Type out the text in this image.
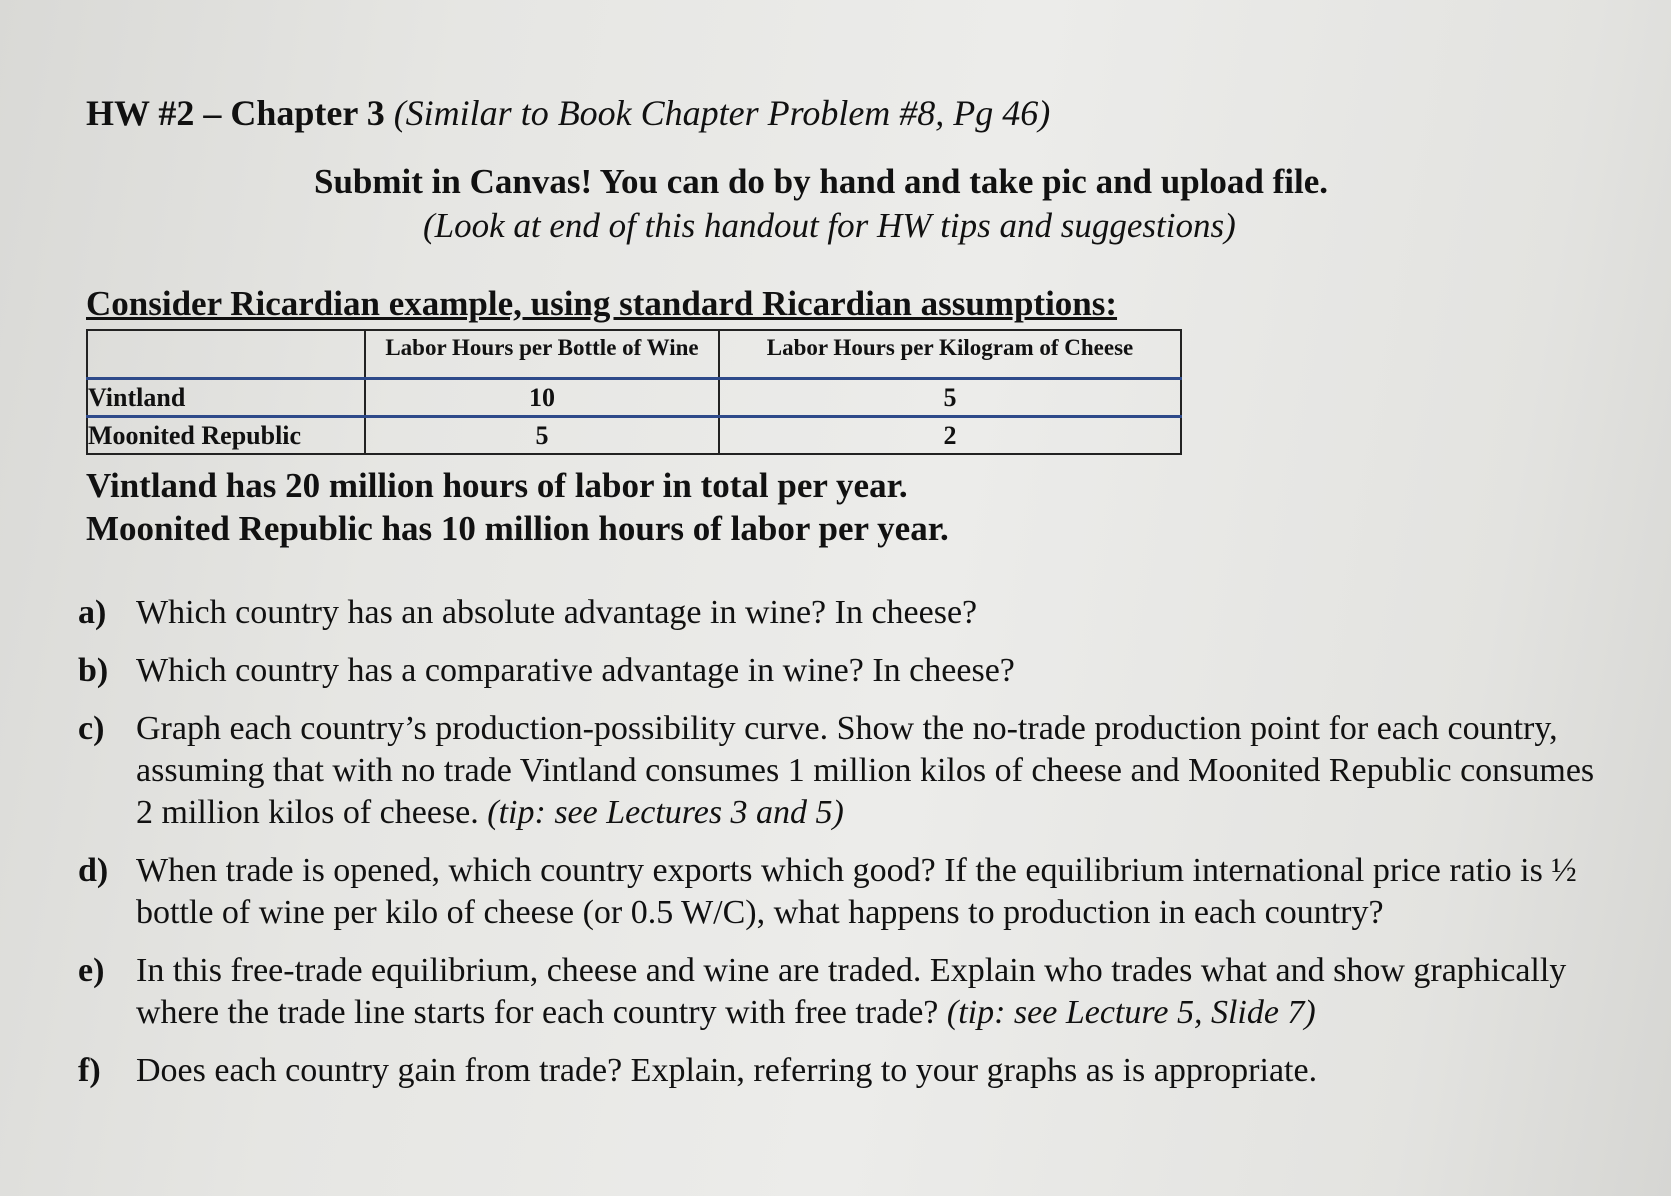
HW #2 – Chapter 3 (Similar to Book Chapter Problem #8, Pg 46)
Submit in Canvas! You can do by hand and take pic and upload file.
(Look at end of this handout for HW tips and suggestions)
Consider Ricardian example, using standard Ricardian assumptions:
	Labor Hours per Bottle of Wine	Labor Hours per Kilogram of Cheese
Vintland	10	5
Moonited Republic	5	2
Vintland has 20 million hours of labor in total per year.
Moonited Republic has 10 million hours of labor per year.
a) Which country has an absolute advantage in wine? In cheese?
b) Which country has a comparative advantage in wine? In cheese?
c) Graph each country’s production-possibility curve. Show the no-trade production point for each country, assuming that with no trade Vintland consumes 1 million kilos of cheese and Moonited Republic consumes 2 million kilos of cheese. (tip: see Lectures 3 and 5)
d) When trade is opened, which country exports which good? If the equilibrium international price ratio is ½ bottle of wine per kilo of cheese (or 0.5 W/C), what happens to production in each country?
e) In this free-trade equilibrium, cheese and wine are traded. Explain who trades what and show graphically where the trade line starts for each country with free trade? (tip: see Lecture 5, Slide 7)
f)	Does each country gain from trade? Explain, referring to your graphs as is appropriate.
